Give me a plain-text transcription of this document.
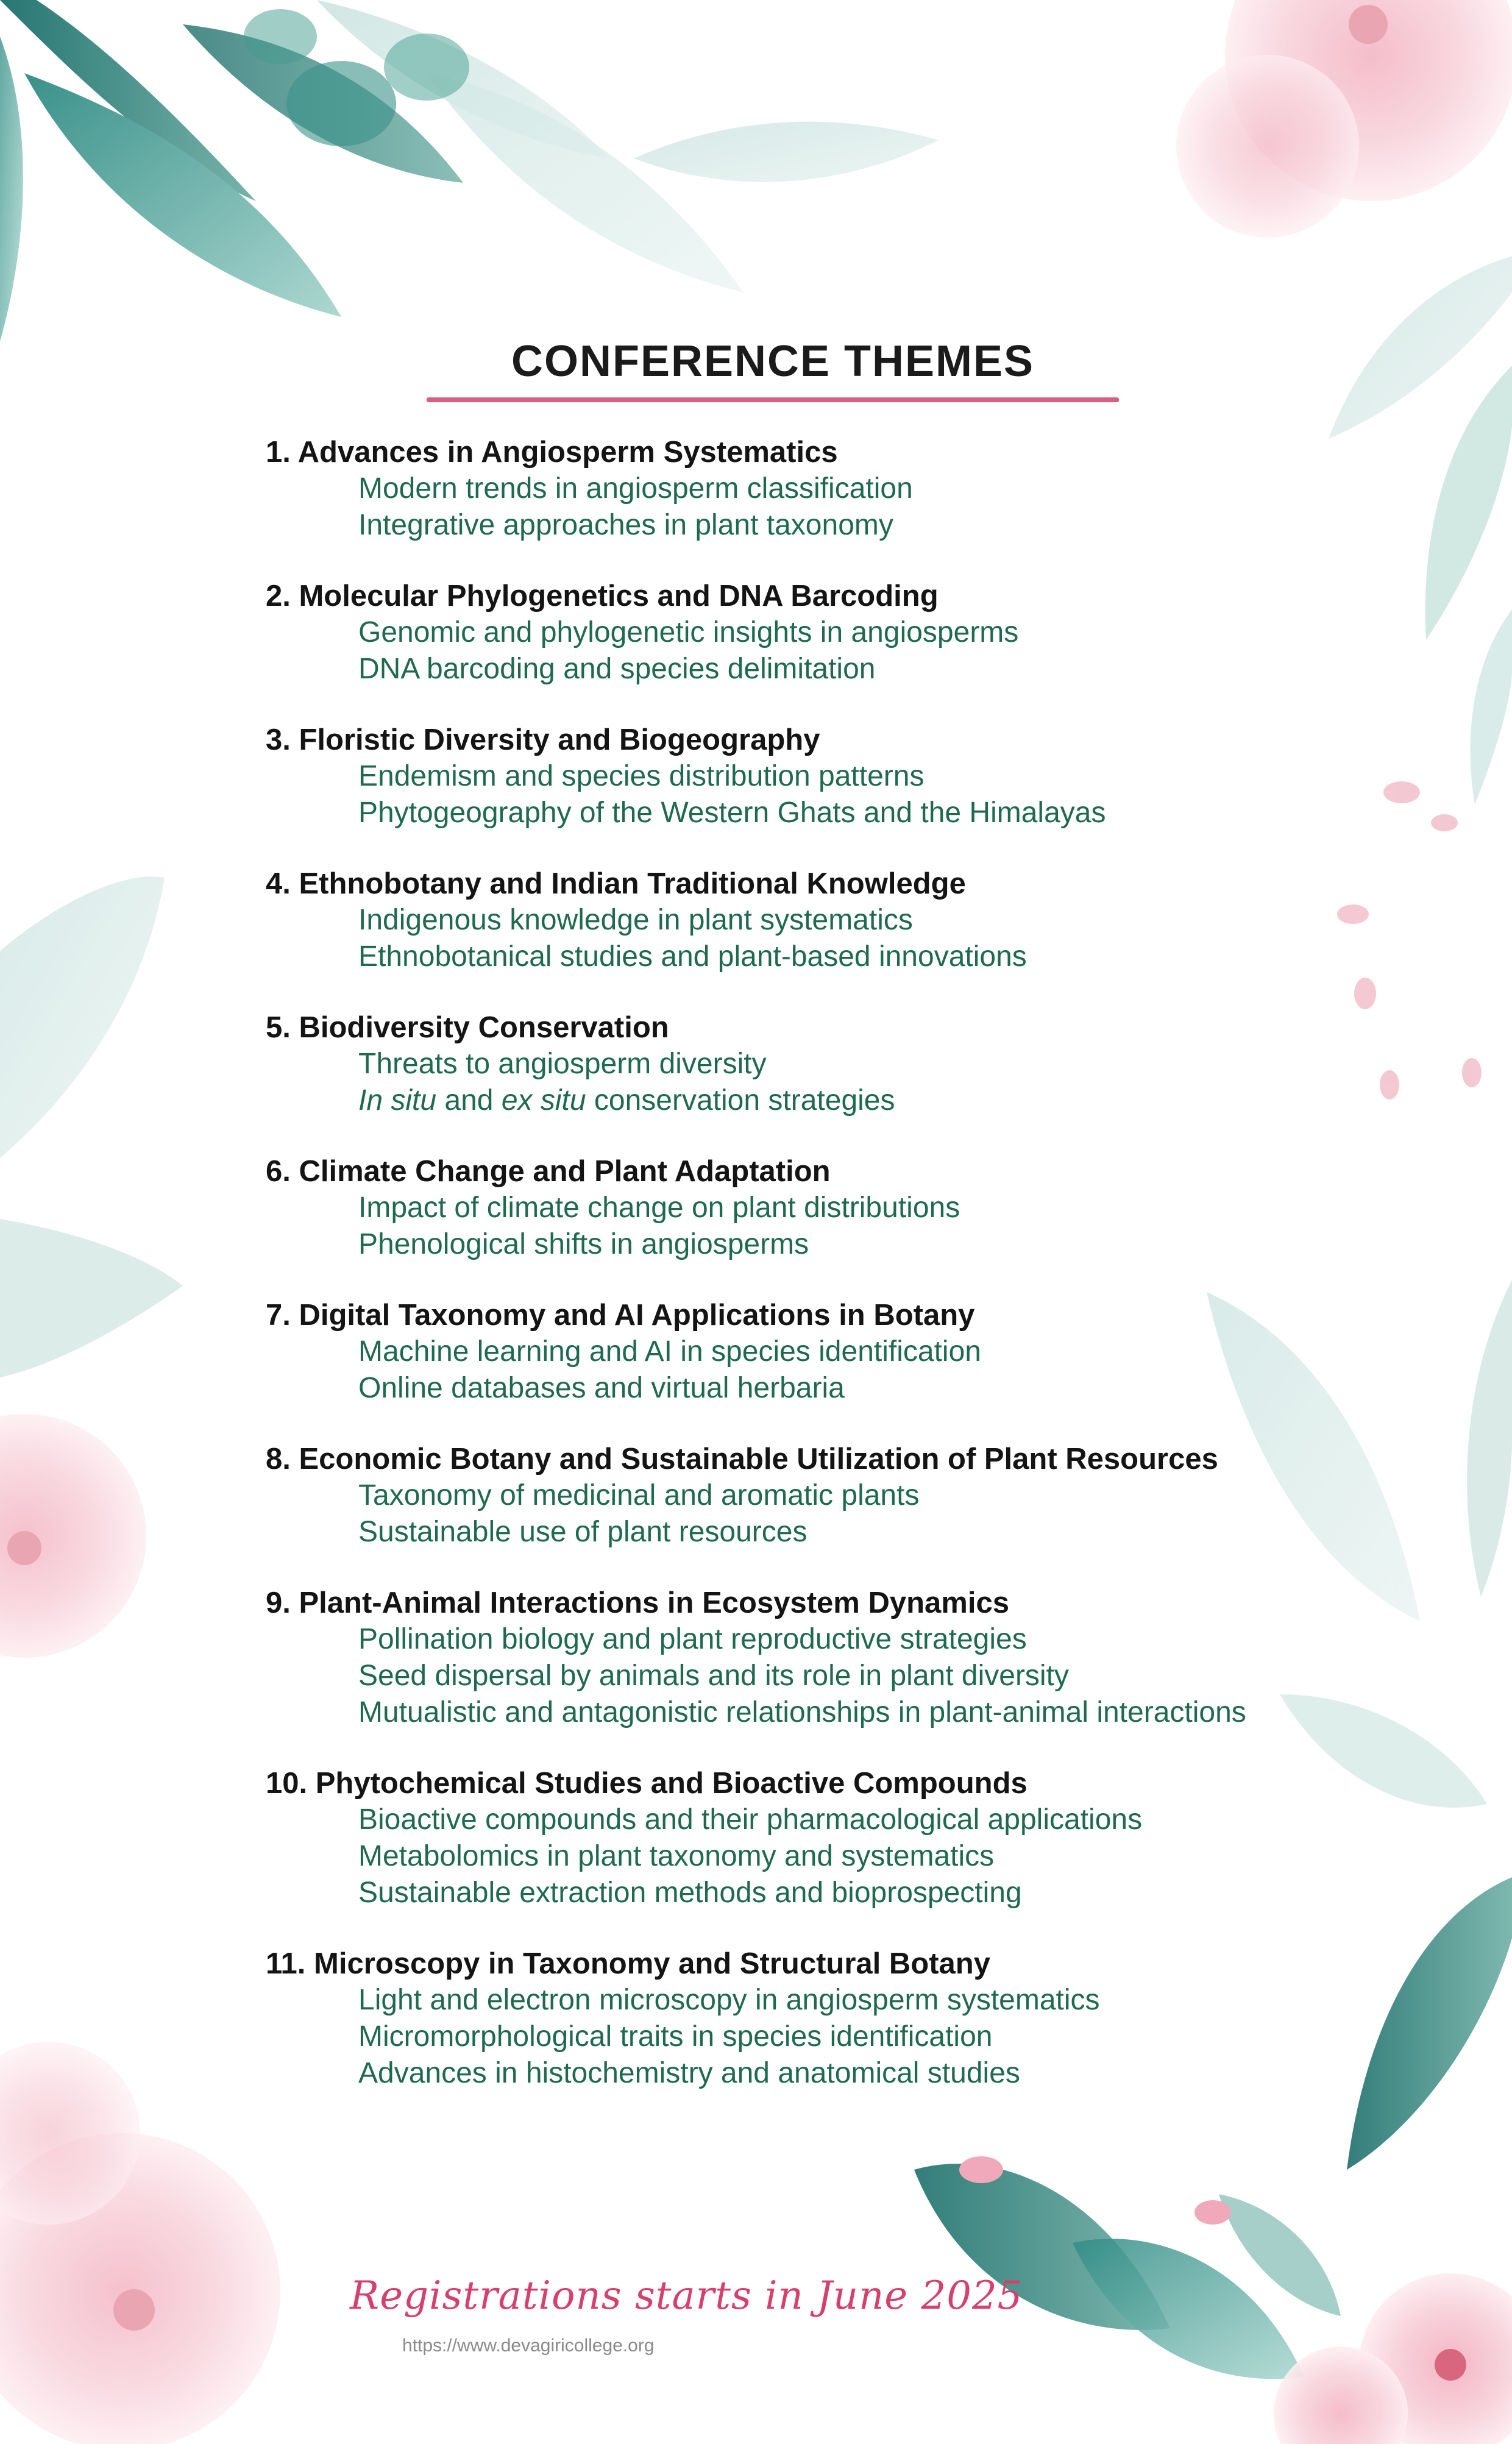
CONFERENCE THEMES
1. Advances in Angiosperm Systematics
Modern trends in angiosperm classification
Integrative approaches in plant taxonomy
2. Molecular Phylogenetics and DNA Barcoding
Genomic and phylogenetic insights in angiosperms
DNA barcoding and species delimitation
3. Floristic Diversity and Biogeography
Endemism and species distribution patterns
Phytogeography of the Western Ghats and the Himalayas
4. Ethnobotany and Indian Traditional Knowledge
Indigenous knowledge in plant systematics
Ethnobotanical studies and plant-based innovations
5. Biodiversity Conservation
Threats to angiosperm diversity
In situ and ex situ conservation strategies
6. Climate Change and Plant Adaptation
Impact of climate change on plant distributions
Phenological shifts in angiosperms
7. Digital Taxonomy and AI Applications in Botany
Machine learning and AI in species identification
Online databases and virtual herbaria
8. Economic Botany and Sustainable Utilization of Plant Resources
Taxonomy of medicinal and aromatic plants
Sustainable use of plant resources
9. Plant-Animal Interactions in Ecosystem Dynamics
Pollination biology and plant reproductive strategies
Seed dispersal by animals and its role in plant diversity
Mutualistic and antagonistic relationships in plant-animal interactions
10. Phytochemical Studies and Bioactive Compounds
Bioactive compounds and their pharmacological applications
Metabolomics in plant taxonomy and systematics
Sustainable extraction methods and bioprospecting
11. Microscopy in Taxonomy and Structural Botany
Light and electron microscopy in angiosperm systematics
Micromorphological traits in species identification
Advances in histochemistry and anatomical studies
Registrations starts in June 2025
https://www.devagiricollege.org
